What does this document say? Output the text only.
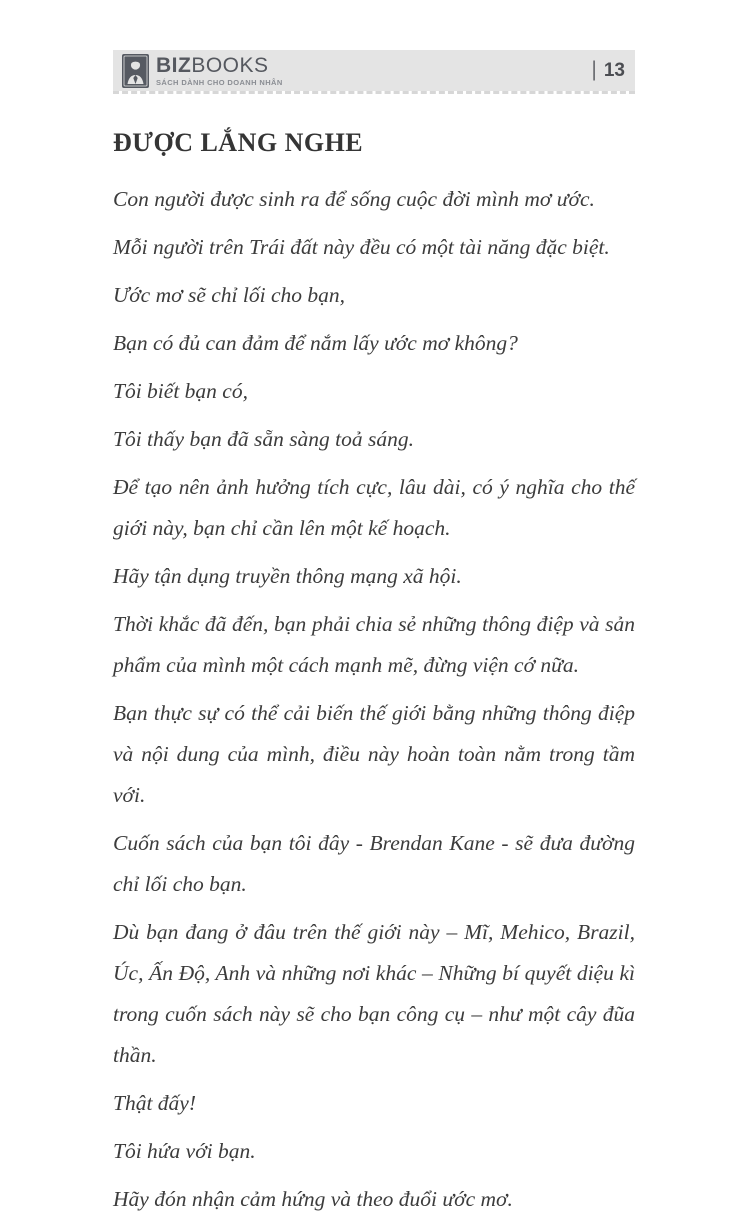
BIZBOOKS
SÁCH DÀNH CHO DOANH NHÂN
| 13
ĐƯỢC LẮNG NGHE

Con người được sinh ra để sống cuộc đời mình mơ ước.

Mỗi người trên Trái đất này đều có một tài năng đặc biệt.

Ước mơ sẽ chỉ lối cho bạn,

Bạn có đủ can đảm để nắm lấy ước mơ không?

Tôi biết bạn có,

Tôi thấy bạn đã sẵn sàng toả sáng.

Để tạo nên ảnh hưởng tích cực, lâu dài, có ý nghĩa cho thế giới này, bạn chỉ cần lên một kế hoạch.

Hãy tận dụng truyền thông mạng xã hội.

Thời khắc đã đến, bạn phải chia sẻ những thông điệp và sản phẩm của mình một cách mạnh mẽ, đừng viện cớ nữa.

Bạn thực sự có thể cải biến thế giới bằng những thông điệp và nội dung của mình, điều này hoàn toàn nằm trong tầm với.

Cuốn sách của bạn tôi đây - Brendan Kane - sẽ đưa đường chỉ lối cho bạn.

Dù bạn đang ở đâu trên thế giới này – Mĩ, Mehico, Brazil, Úc, Ấn Độ, Anh và những nơi khác – Những bí quyết diệu kì trong cuốn sách này sẽ cho bạn công cụ – như một cây đũa thần.

Thật đấy!

Tôi hứa với bạn.

Hãy đón nhận cảm hứng và theo đuổi ước mơ.
